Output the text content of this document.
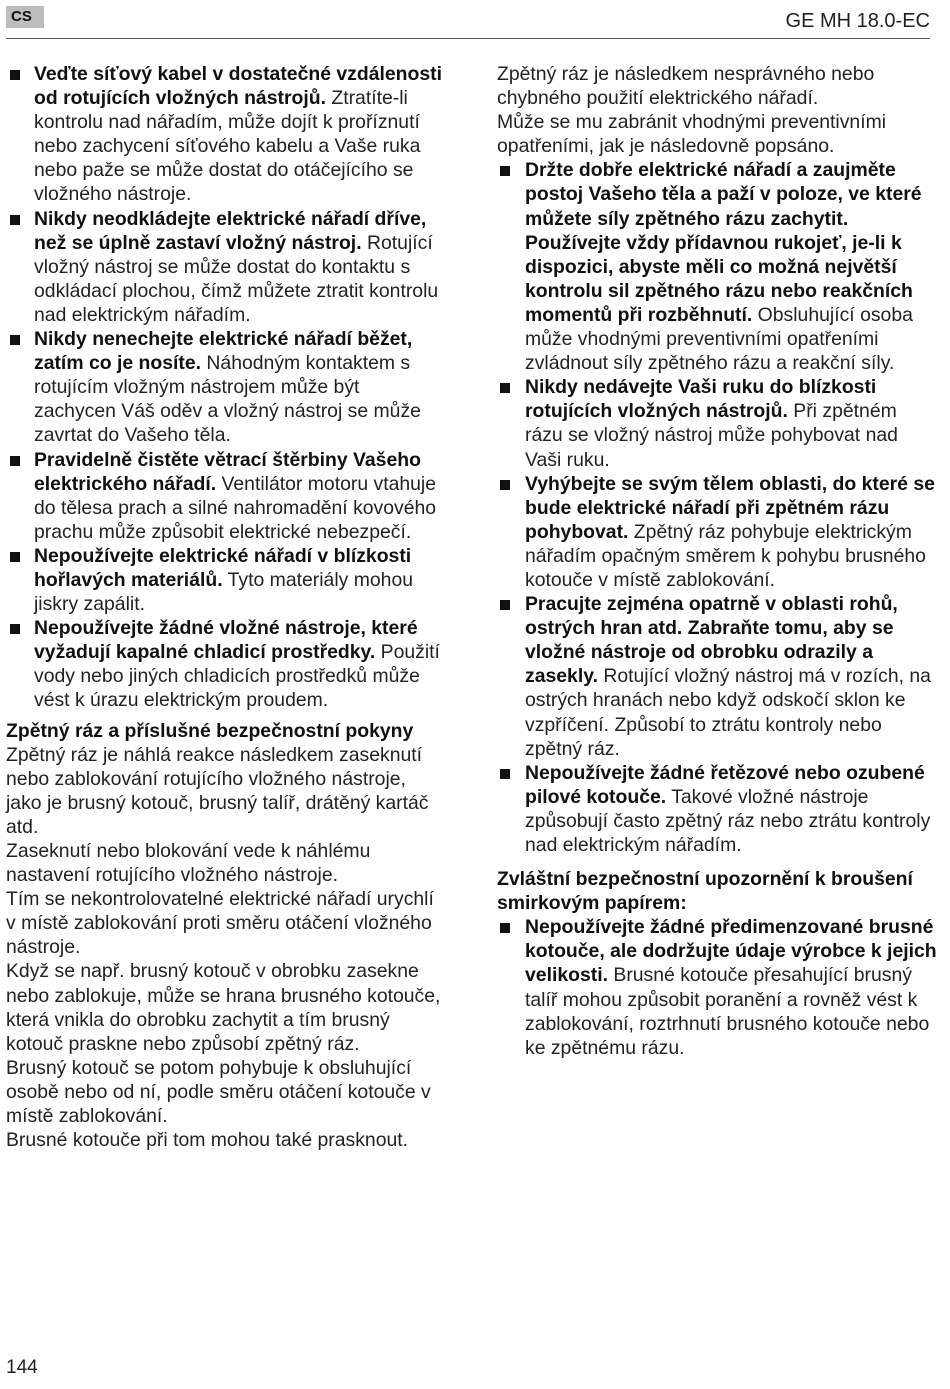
CS	GE MH 18.0-EC
Veďte síťový kabel v dostatečné vzdálenosti od rotujících vložných nástrojů. Ztratíte-li kontrolu nad nářadím, může dojít k proříznutí nebo zachycení síťového kabelu a Vaše ruka nebo paže se může dostat do otáčejícího se vložného nástroje.
Nikdy neodkládejte elektrické nářadí dříve, než se úplně zastaví vložný nástroj. Rotující vložný nástroj se může dostat do kontaktu s odkládací plochou, čímž můžete ztratit kontrolu nad elektrickým nářadím.
Nikdy nenechejte elektrické nářadí běžet, zatím co je nosíte. Náhodným kontaktem s rotujícím vložným nástrojem může být zachycen Váš oděv a vložný nástroj se může zavrtat do Vašeho těla.
Pravidelně čistěte větrací štěrbiny Vašeho elektrického nářadí. Ventilátor motoru vtahuje do tělesa prach a silné nahromadění kovového prachu může způsobit elektrické nebezpečí.
Nepoužívejte elektrické nářadí v blízkosti hořlavých materiálů. Tyto materiály mohou jiskry zapálit.
Nepoužívejte žádné vložné nástroje, které vyžadují kapalné chladicí prostředky. Použití vody nebo jiných chladicích prostředků může vést k úrazu elektrickým proudem.
Zpětný ráz a příslušné bezpečnostní pokyny
Zpětný ráz je náhlá reakce následkem zaseknutí nebo zablokování rotujícího vložného nástroje, jako je brusný kotouč, brusný talíř, drátěný kartáč atd.
Zaseknutí nebo blokování vede k náhlému nastavení rotujícího vložného nástroje.
Tím se nekontrolovatelné elektrické nářadí urychlí v místě zablokování proti směru otáčení vložného nástroje.
Když se např. brusný kotouč v obrobku zasekne nebo zablokuje, může se hrana brusného kotouče, která vnikla do obrobku zachytit a tím brusný kotouč praskne nebo způsobí zpětný ráz.
Brusný kotouč se potom pohybuje k obsluhující osobě nebo od ní, podle směru otáčení kotouče v místě zablokování.
Brusné kotouče při tom mohou také prasknout.
Zpětný ráz je následkem nesprávného nebo chybného použití elektrického nářadí.
Může se mu zabránit vhodnými preventivními opatřeními, jak je následovně popsáno.
Držte dobře elektrické nářadí a zaujměte postoj Vašeho těla a paží v poloze, ve které můžete síly zpětného rázu zachytit. Používejte vždy přídavnou rukojeť, je-li k dispozici, abyste měli co možná největší kontrolu sil zpětného rázu nebo reakčních momentů při rozběhnutí. Obsluhující osoba může vhodnými preventivními opatřeními zvládnout síly zpětného rázu a reakční síly.
Nikdy nedávejte Vaši ruku do blízkosti rotujících vložných nástrojů. Při zpětném rázu se vložný nástroj může pohybovat nad Vaši ruku.
Vyhýbejte se svým tělem oblasti, do které se bude elektrické nářadí při zpětném rázu pohybovat. Zpětný ráz pohybuje elektrickým nářadím opačným směrem k pohybu brusného kotouče v místě zablokování.
Pracujte zejména opatrně v oblasti rohů, ostrých hran atd. Zabraňte tomu, aby se vložné nástroje od obrobku odrazily a zasekly. Rotující vložný nástroj má v rozích, na ostrých hranách nebo když odskočí sklon ke vzpříčení. Způsobí to ztrátu kontroly nebo zpětný ráz.
Nepoužívejte žádné řetězové nebo ozubené pilové kotouče. Takové vložné nástroje způsobují často zpětný ráz nebo ztrátu kontroly nad elektrickým nářadím.
Zvláštní bezpečnostní upozornění k broušení smirkovým papírem:
Nepoužívejte žádné předimenzované brusné kotouče, ale dodržujte údaje výrobce k jejich velikosti. Brusné kotouče přesahující brusný talíř mohou způsobit poranění a rovněž vést k zablokování, roztrhnutí brusného kotouče nebo ke zpětnému rázu.
144
